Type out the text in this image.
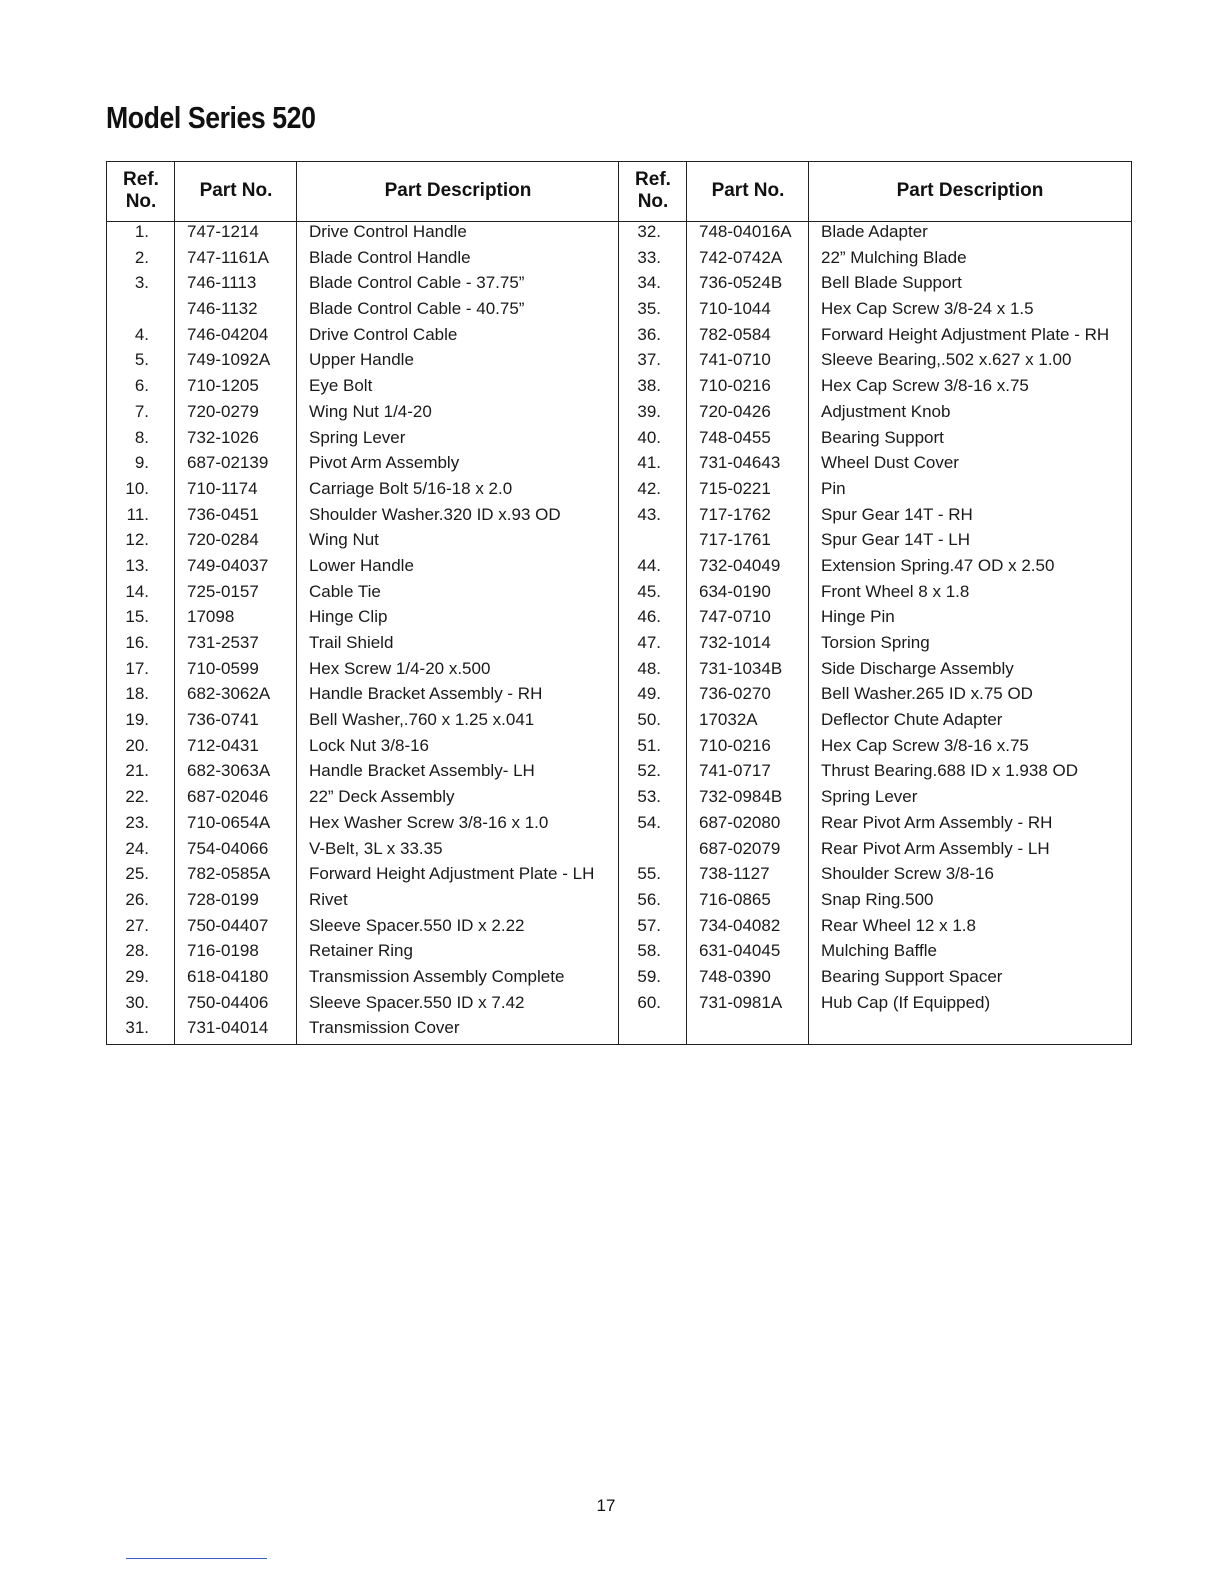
Model Series 520
Ref. No.
Part No.	Part Description
Ref. No.
Part No.	Part Description
1. 747-1214	Drive Control Handle	32. 748-04016A	Blade Adapter
2. 747-1161A	Blade Control Handle	33. 742-0742A	22” Mulching Blade
3. 746-1113	Blade Control Cable - 37.75”	34. 736-0524B	Bell Blade Support
746-1132	Blade Control Cable - 40.75”	35. 710-1044	Hex Cap Screw 3/8-24 x 1.5
4. 746-04204	Drive Control Cable	36. 782-0584	Forward Height Adjustment Plate - RH
5. 749-1092A	Upper Handle	37. 741-0710	Sleeve Bearing,.502 x.627 x 1.00
6. 710-1205	Eye Bolt	38. 710-0216	Hex Cap Screw 3/8-16 x.75
7. 720-0279	Wing Nut 1/4-20	39. 720-0426	Adjustment Knob
8. 732-1026	Spring Lever	40. 748-0455	Bearing Support
9. 687-02139	Pivot Arm Assembly	41. 731-04643	Wheel Dust Cover
10. 710-1174	Carriage Bolt 5/16-18 x 2.0	42. 715-0221	Pin
11. 736-0451	Shoulder Washer.320 ID x.93 OD	43. 717-1762	Spur Gear 14T - RH
12. 720-0284	Wing Nut	717-1761	Spur Gear 14T - LH
13. 749-04037	Lower Handle	44. 732-04049	Extension Spring.47 OD x 2.50
14. 725-0157	Cable Tie	45. 634-0190	Front Wheel 8 x 1.8
15. 17098	Hinge Clip	46. 747-0710	Hinge Pin
16. 731-2537	Trail Shield	47. 732-1014	Torsion Spring
17. 710-0599	Hex Screw 1/4-20 x.500	48. 731-1034B	Side Discharge Assembly
18. 682-3062A	Handle Bracket Assembly - RH	49. 736-0270	Bell Washer.265 ID x.75 OD
19. 736-0741	Bell Washer,.760 x 1.25 x.041	50. 17032A	Deflector Chute Adapter
20. 712-0431	Lock Nut 3/8-16	51. 710-0216	Hex Cap Screw 3/8-16 x.75
21. 682-3063A	Handle Bracket Assembly- LH	52. 741-0717	Thrust Bearing.688 ID x 1.938 OD
22. 687-02046	22” Deck Assembly	53. 732-0984B	Spring Lever
23. 710-0654A	Hex Washer Screw 3/8-16 x 1.0	54. 687-02080	Rear Pivot Arm Assembly - RH
24. 754-04066	V-Belt, 3L x 33.35	687-02079	Rear Pivot Arm Assembly - LH
25. 782-0585A	Forward Height Adjustment Plate - LH	55. 738-1127	Shoulder Screw 3/8-16
26. 728-0199	Rivet	56. 716-0865	Snap Ring.500
27. 750-04407	Sleeve Spacer.550 ID x 2.22	57. 734-04082	Rear Wheel 12 x 1.8
28. 716-0198	Retainer Ring	58. 631-04045	Mulching Baffle
29. 618-04180	Transmission Assembly Complete	59. 748-0390	Bearing Support Spacer
30. 750-04406	Sleeve Spacer.550 ID x 7.42	60. 731-0981A	Hub Cap (If Equipped)
31. 731-04014	Transmission Cover
17
